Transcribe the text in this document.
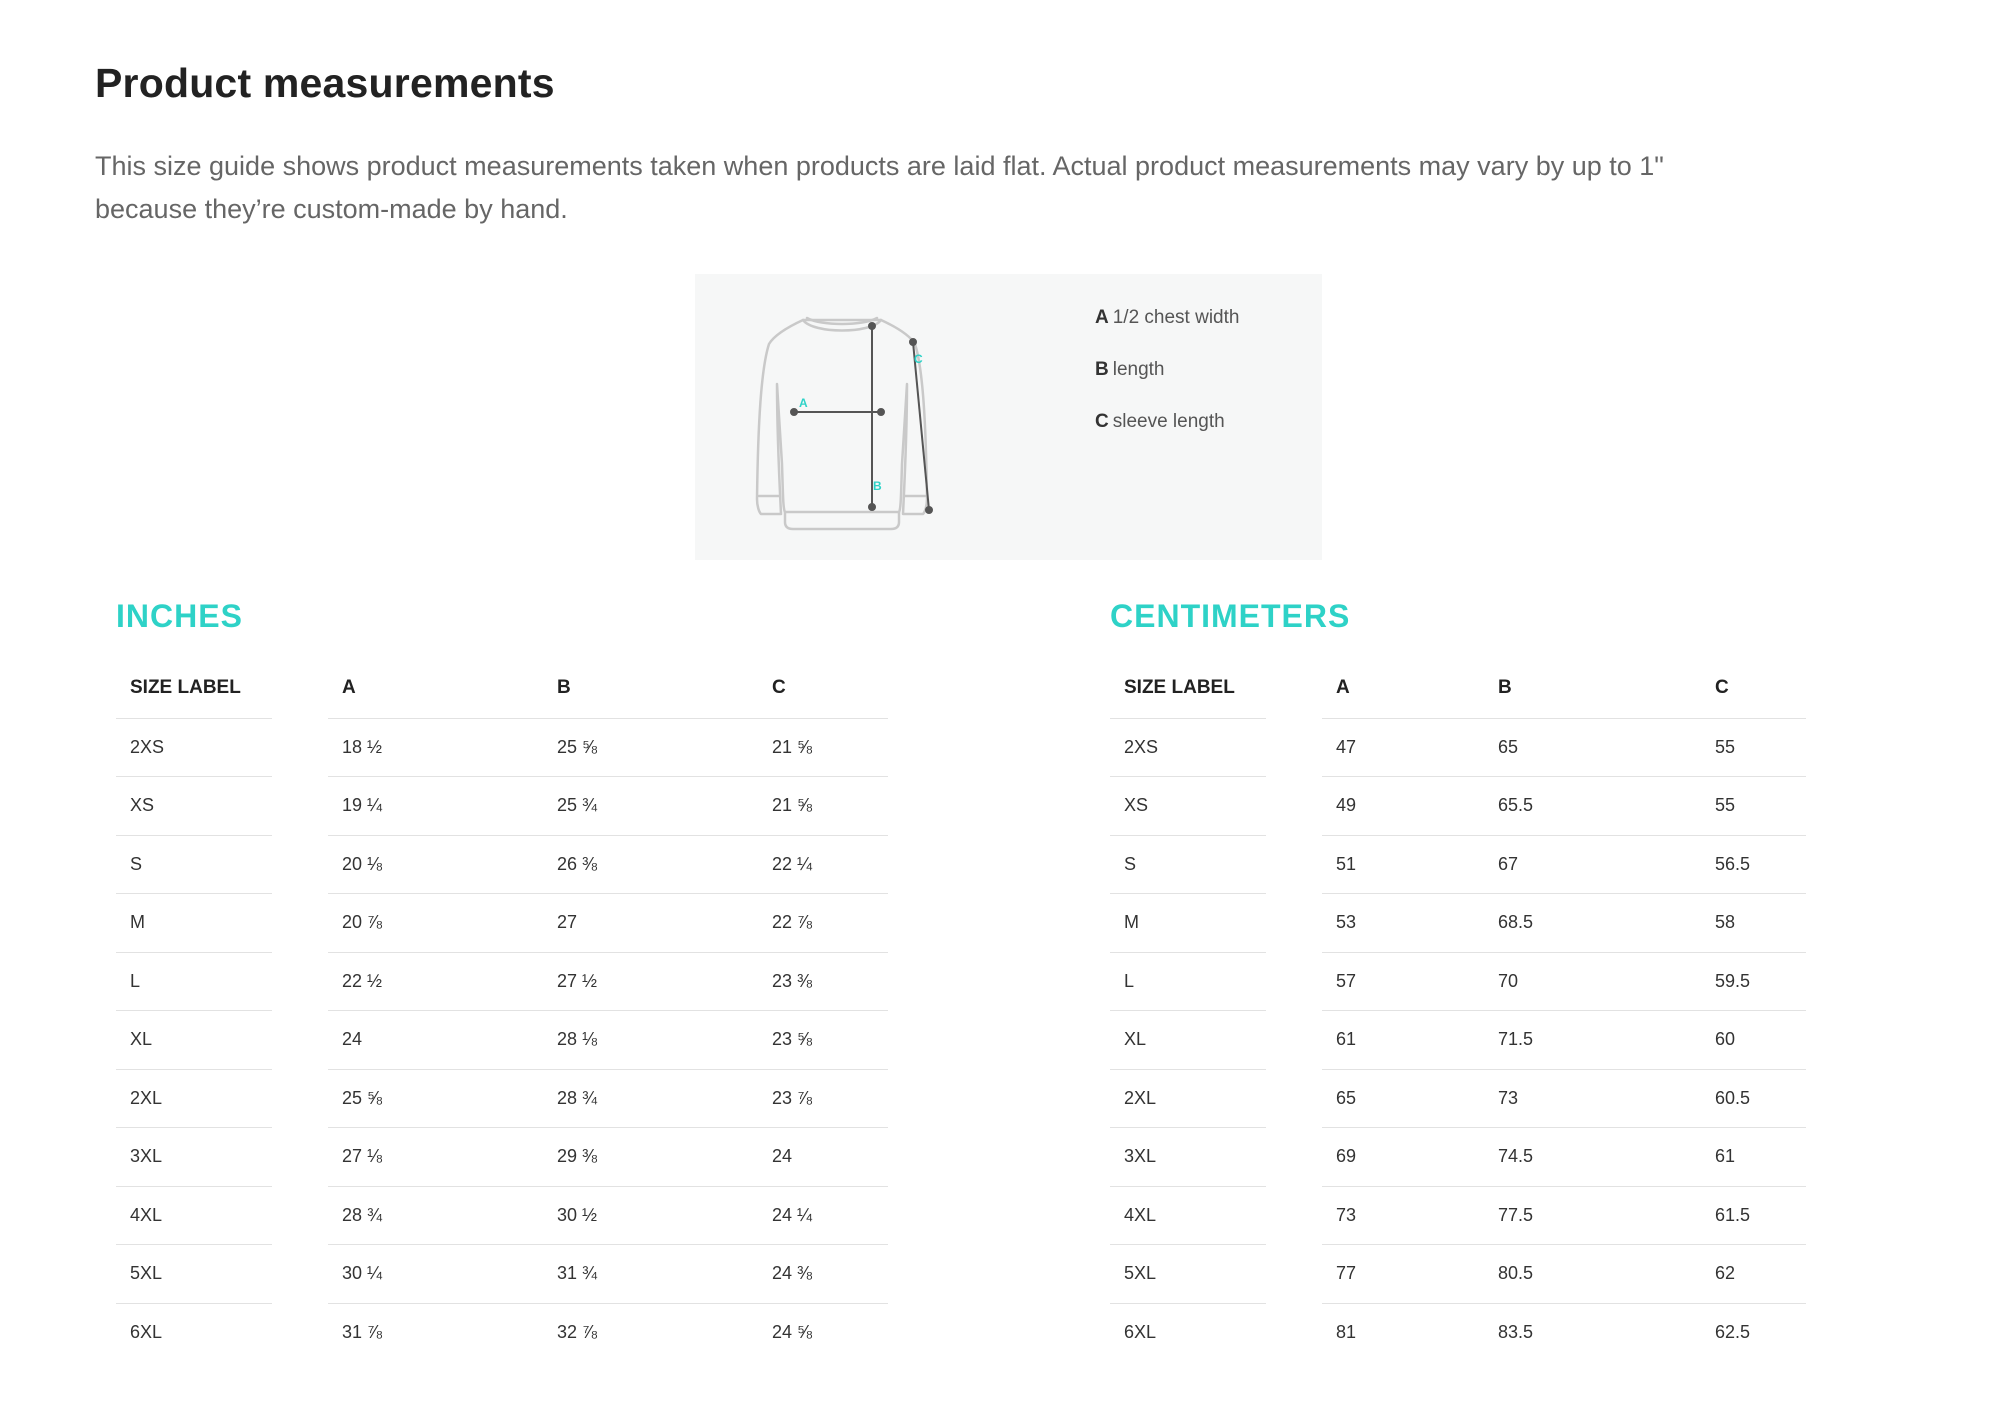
Product measurements

This size guide shows product measurements taken when products are laid flat. Actual product measurements may vary by up to 1" because they’re custom-made by hand.

A
B
C
A 1/2 chest width
B length
C sleeve length
INCHES
SIZE LABEL		A	B	C
2XS		18 ½	25 ⅝	21 ⅝
XS		19 ¼	25 ¾	21 ⅝
S		20 ⅛	26 ⅜	22 ¼
M		20 ⅞	27	22 ⅞
L		22 ½	27 ½	23 ⅜
XL		24	28 ⅛	23 ⅝
2XL		25 ⅝	28 ¾	23 ⅞
3XL		27 ⅛	29 ⅜	24
4XL		28 ¾	30 ½	24 ¼
5XL		30 ¼	31 ¾	24 ⅜
6XL		31 ⅞	32 ⅞	24 ⅝
CENTIMETERS
SIZE LABEL		A	B	C
2XS		47	65	55
XS		49	65.5	55
S		51	67	56.5
M		53	68.5	58
L		57	70	59.5
XL		61	71.5	60
2XL		65	73	60.5
3XL		69	74.5	61
4XL		73	77.5	61.5
5XL		77	80.5	62
6XL		81	83.5	62.5
